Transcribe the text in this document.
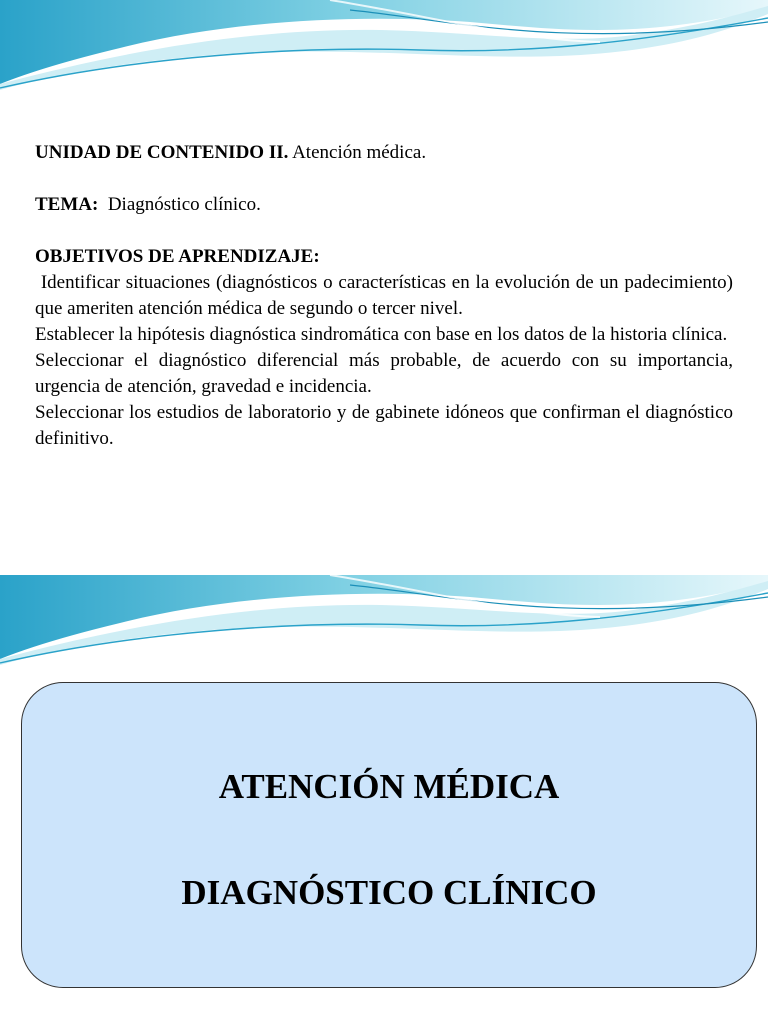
UNIDAD DE CONTENIDO II. Atención médica.

TEMA:  Diagnóstico clínico.

OBJETIVOS DE APRENDIZAJE:

Identificar situaciones (diagnósticos o características en la evolución de un padecimiento) que ameriten atención médica de segundo o tercer nivel.

Establecer la hipótesis diagnóstica sindromática con base en los datos de la historia clínica.

Seleccionar el diagnóstico diferencial más probable, de acuerdo con su importancia, urgencia de atención, gravedad e incidencia.

Seleccionar los estudios de laboratorio y de gabinete idóneos que confirman el diagnóstico definitivo.

ATENCIÓN MÉDICA
DIAGNÓSTICO CLÍNICO
